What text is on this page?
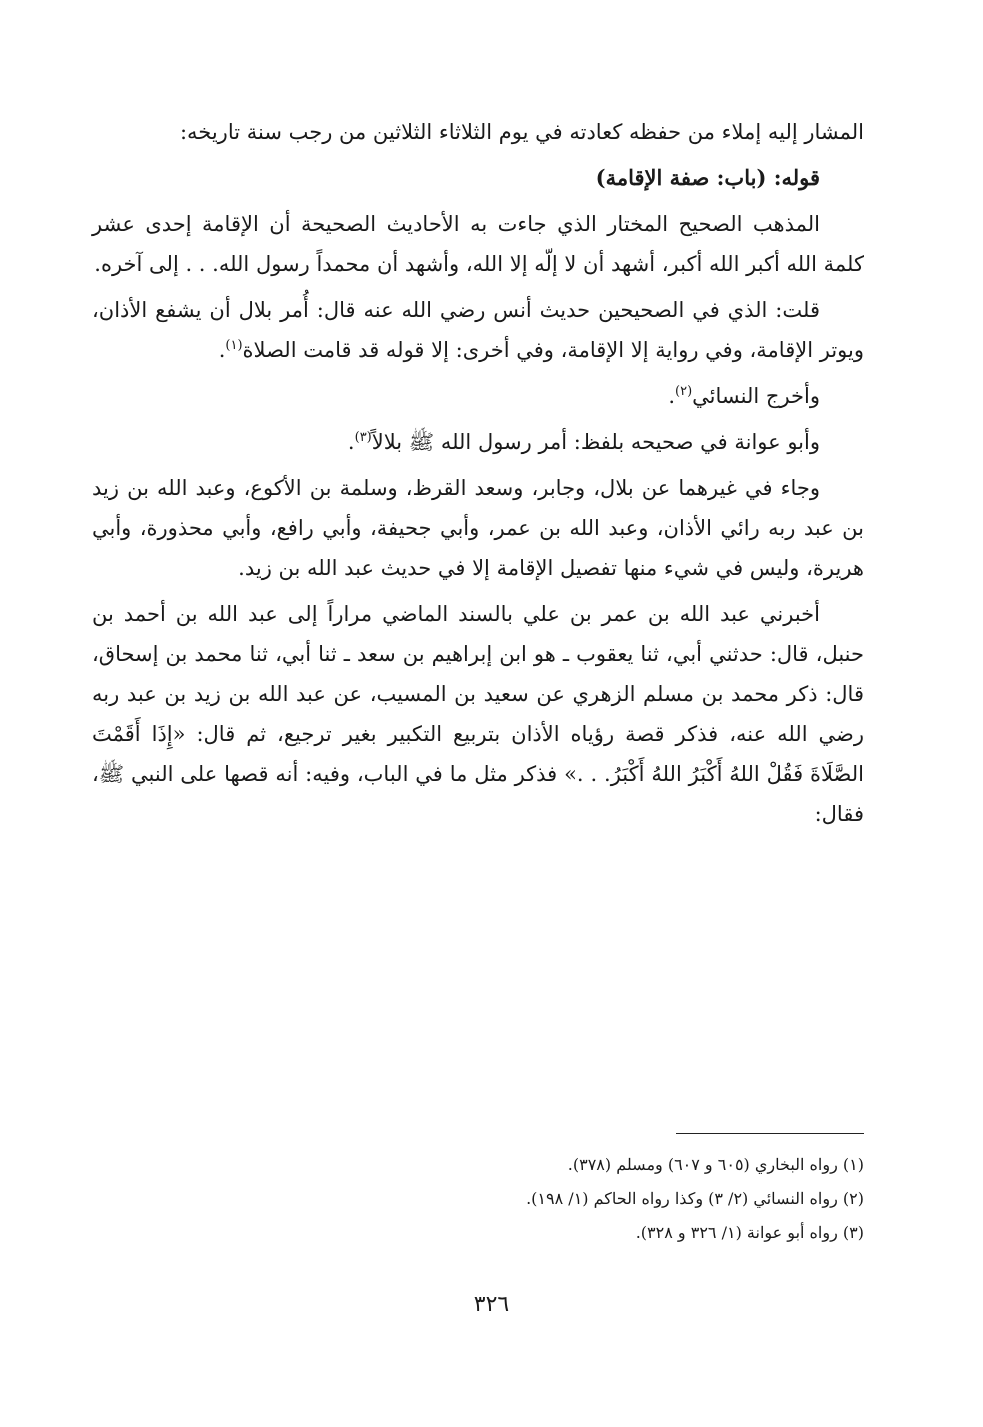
المشار إليه إملاء من حفظه كعادته في يوم الثلاثاء الثلاثين من رجب سنة تاريخه:
قوله: (باب: صفة الإقامة)
المذهب الصحيح المختار الذي جاءت به الأحاديث الصحيحة أن الإقامة إحدى عشر كلمة الله أكبر الله أكبر، أشهد أن لا إلّه إلا الله، وأشهد أن محمداً رسول الله. . . إلى آخره.
قلت: الذي في الصحيحين حديث أنس رضي الله عنه قال: أُمر بلال أن يشفع الأذان، ويوتر الإقامة، وفي رواية إلا الإقامة، وفي أخرى: إلا قوله قد قامت الصلاة$^{(١)}$.
وأخرج النسائي$^{(٢)}$.
وأبو عوانة في صحيحه بلفظ: أمر رسول الله ﷺ بلالاً$^{(٣)}$.
وجاء في غيرهما عن بلال، وجابر، وسعد القرظ، وسلمة بن الأكوع، وعبد الله بن زيد بن عبد ربه رائي الأذان، وعبد الله بن عمر، وأبي جحيفة، وأبي رافع، وأبي محذورة، وأبي هريرة، وليس في شيء منها تفصيل الإقامة إلا في حديث عبد الله بن زيد.
أخبرني عبد الله بن عمر بن علي بالسند الماضي مراراً إلى عبد الله بن أحمد بن حنبل، قال: حدثني أبي، ثنا يعقوب ـ هو ابن إبراهيم بن سعد ـ ثنا أبي، ثنا محمد بن إسحاق، قال: ذكر محمد بن مسلم الزهري عن سعيد بن المسيب، عن عبد الله بن زيد بن عبد ربه رضي الله عنه، فذكر قصة رؤياه الأذان بتربيع التكبير بغير ترجيع، ثم قال: «إِذَا أَقَمْتَ الصَّلَاةَ فَقُلْ اللهُ أَكْبَرُ اللهُ أَكْبَرُ. . .» فذكر مثل ما في الباب، وفيه: أنه قصها على النبي ﷺ، فقال:
(١) رواه البخاري (٦٠٥ و ٦٠٧) ومسلم (٣٧٨).
(٢) رواه النسائي (٢/ ٣) وكذا رواه الحاكم (١/ ١٩٨).
(٣) رواه أبو عوانة (١/ ٣٢٦ و ٣٢٨).
٣٢٦
